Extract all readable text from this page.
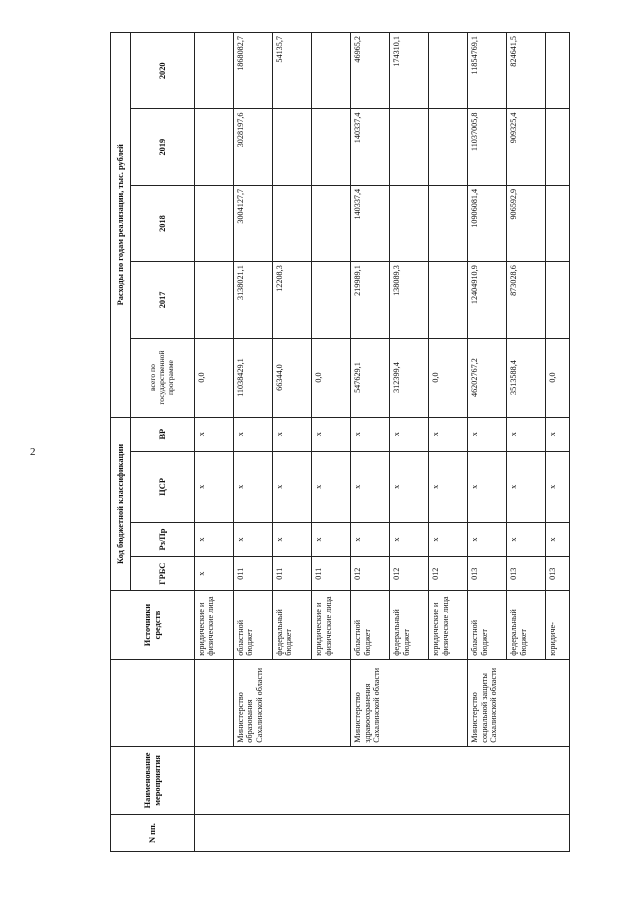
2
N пп.	Наименование мероприятия		Источники средств	Код бюджетной классификации				Расходы по годам реализации, тыс. рублей				
				ГРБС	Рз/Пр	ЦСР	ВР	всего по государственной программе	2017	2018	2019	2020
			юридические и физические лица	x	x	x	x	0,0				
		Министерство образования Сахалинской области	областной бюджет	011	x	x	x	11038429,1	3138021,1	3004127,7	3028197,6	1868082,7
			федеральный бюджет	011	x	x	x	66344,0	12208,3			54135,7
			юридические и физические лица	011	x	x	x	0,0				
		Министерство здравоохранения Сахалинской области	областной бюджет	012	x	x	x	547629,1	219989,1	140337,4	140337,4	46965,2
			федеральный бюджет	012	x	x	x	312399,4	138089,3			174310,1
			юридические и физические лица	012	x	x	x	0,0				
		Министерство социальной защиты Сахалинской области	областной бюджет	013	x	x	x	46202767,2	12404910,9	10906081,4	11037005,8	11854769,1
			федеральный бюджет	013	x	x	x	3513588,4	873028,6	906592,9	909325,4	824641,5
			юридиче-	013	x	x	x	0,0				
